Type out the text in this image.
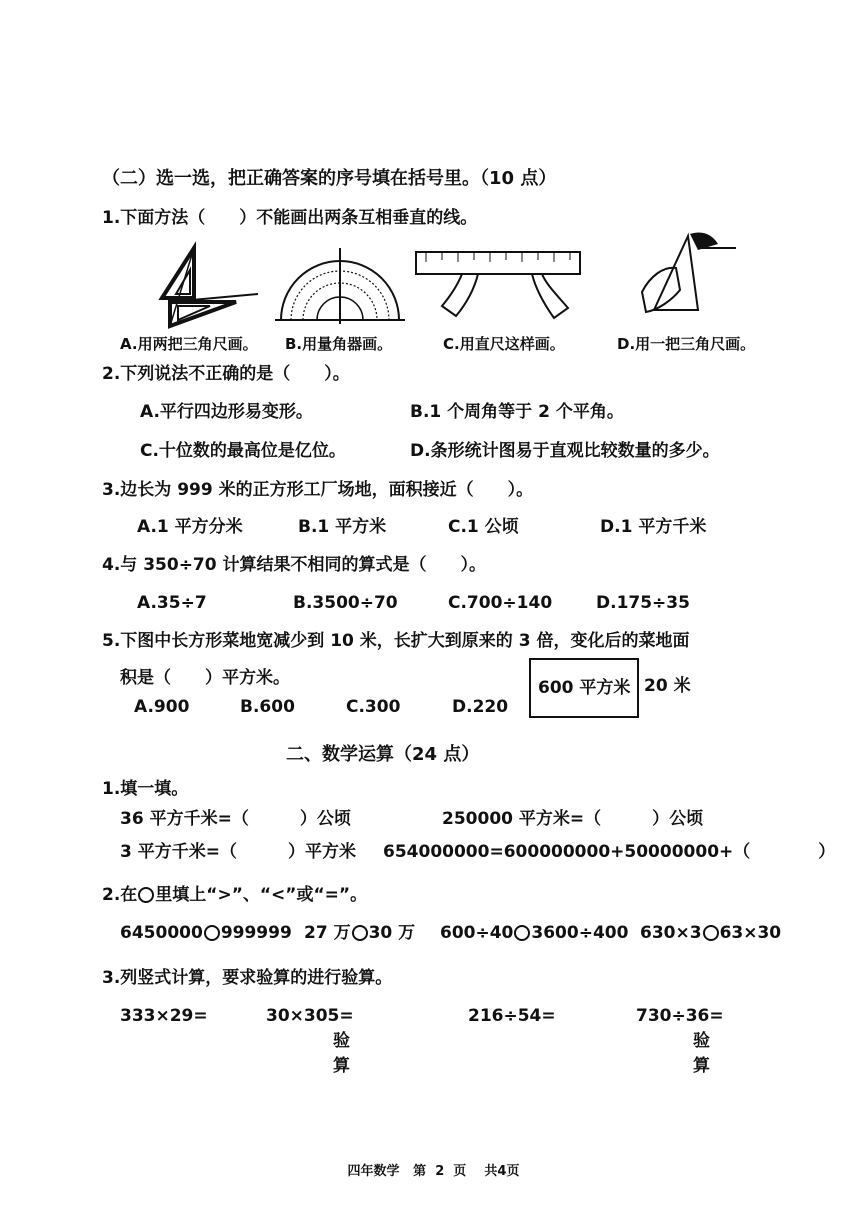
（二）选一选，把正确答案的序号填在括号里。（10 点）
1.下面方法（　　）不能画出两条互相垂直的线。
A.用两把三角尺画。 B.用量角器画。	C.用直尺这样画。	D.用一把三角尺画。
2.下列说法不正确的是（　　）。
A.平行四边形易变形。	B.1 个周角等于 2 个平角。
C.十位数的最高位是亿位。	D.条形统计图易于直观比较数量的多少。
3.边长为 999 米的正方形工厂场地，面积接近（　　）。
A.1 平方分米	B.1 平方米	C.1 公顷	D.1 平方千米
4.与 350÷70 计算结果不相同的算式是（　　）。
A.35÷7	B.3500÷70	C.700÷140	D.175÷35
5.下图中长方形菜地宽减少到 10 米，长扩大到原来的 3 倍，变化后的菜地面
积是（　　）平方米。
A.900	B.600	C.300	D.220
600 平方米 20 米
二、数学运算（24 点）
1.填一填。
36 平方千米=（　　　）公顷	250000 平方米=（　　　）公顷
3 平方千米=（　　　）平方米 654000000=600000000+50000000+（　　　　）
2.在 里填上“>”、“<”或“=”。
6450000 999999 27 万 30 万 600÷40 3600÷400 630×3 63×30
3.列竖式计算，要求验算的进行验算。
333×29=	30×305=	216÷54=	730÷36=
验
算
验
算
四年数学 第 2 页 共4页
